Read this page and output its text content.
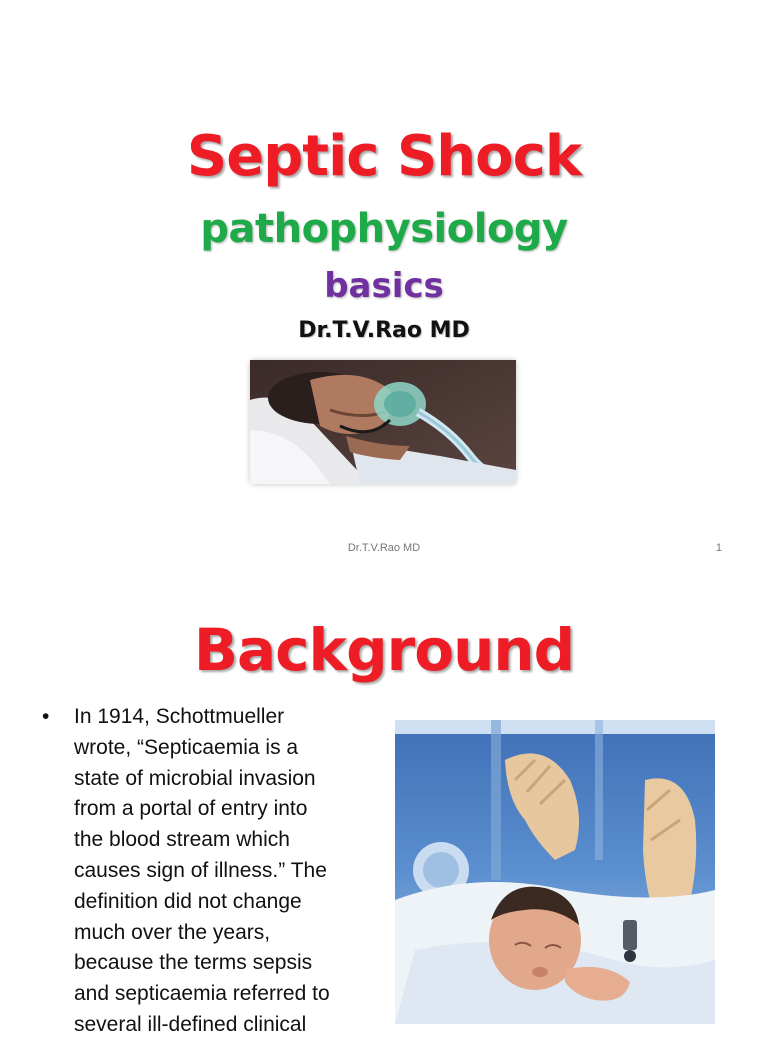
Septic Shock
pathophysiology
basics
Dr.T.V.Rao MD
Dr.T.V.Rao MD	1
Background
• In 1914, Schottmueller
wrote, “Septicaemia is a
state of microbial invasion
from a portal of entry into
the blood stream which
causes sign of illness.” The
definition did not change
much over the years,
because the terms sepsis
and septicaemia referred to
several ill-defined clinical
